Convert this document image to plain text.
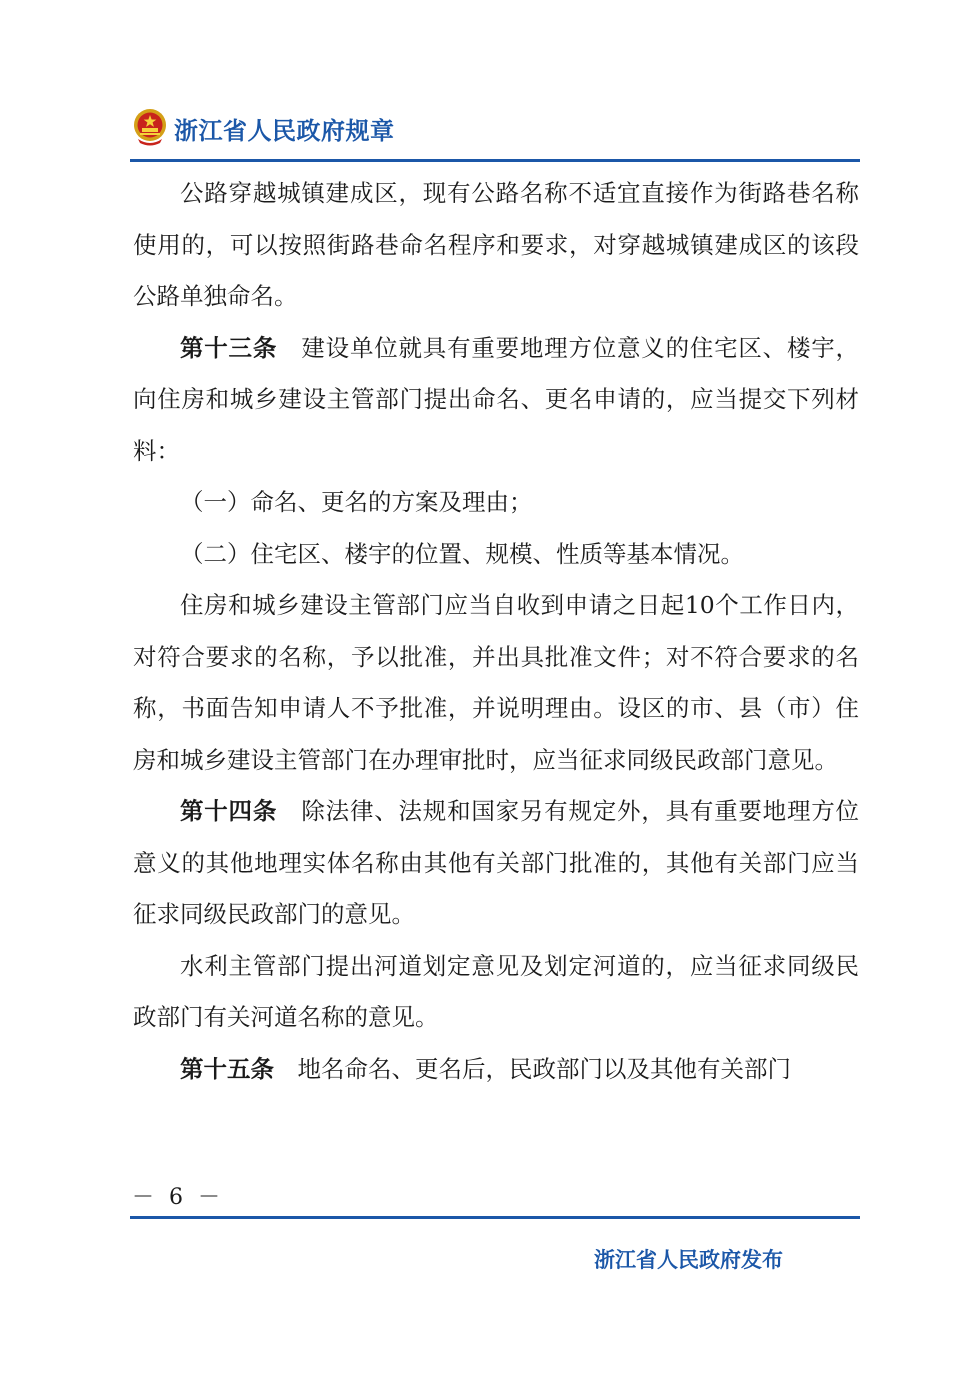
浙江省人民政府规章

公路穿越城镇建成区，现有公路名称不适宜直接作为街路巷名称使用的，可以按照街路巷命名程序和要求，对穿越城镇建成区的该段公路单独命名。

第十三条  建设单位就具有重要地理方位意义的住宅区、楼宇，向住房和城乡建设主管部门提出命名、更名申请的，应当提交下列材料：

（一）命名、更名的方案及理由；

（二）住宅区、楼宇的位置、规模、性质等基本情况。

住房和城乡建设主管部门应当自收到申请之日起10个工作日内，对符合要求的名称，予以批准，并出具批准文件；对不符合要求的名称，书面告知申请人不予批准，并说明理由。设区的市、县（市）住房和城乡建设主管部门在办理审批时，应当征求同级民政部门意见。

第十四条  除法律、法规和国家另有规定外，具有重要地理方位意义的其他地理实体名称由其他有关部门批准的，其他有关部门应当征求同级民政部门的意见。

水利主管部门提出河道划定意见及划定河道的，应当征求同级民政部门有关河道名称的意见。

第十五条  地名命名、更名后，民政部门以及其他有关部门

－ 6 －
浙江省人民政府发布
